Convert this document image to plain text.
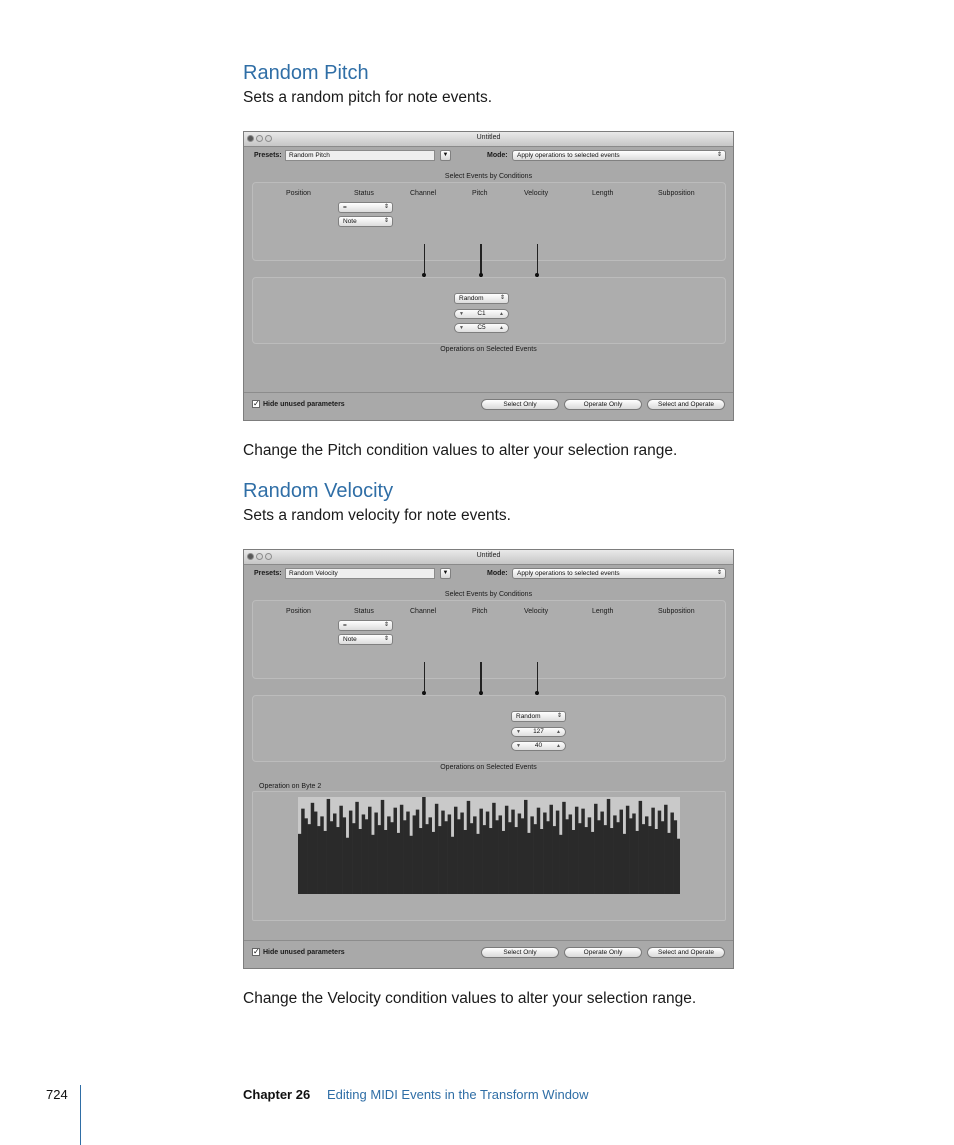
Random Pitch
Sets a random pitch for note events.
Untitled
Presets:	Random Pitch	▼	Mode:	Apply operations to selected events	⇕
Select Events by Conditions
Position	Status	Channel	Pitch	Velocity	Length	Subposition
=	⇕
Note	⇕
Random	⇕
▼ C1	▲
▼ C5	▲
Operations on Selected Events
✓ Hide unused parameters	Select Only	Operate Only	Select and Operate
Change the Pitch condition values to alter your selection range.
Random Velocity
Sets a random velocity for note events.
Untitled
Presets:	Random Velocity	▼	Mode:	Apply operations to selected events	⇕
Select Events by Conditions
Position	Status	Channel	Pitch	Velocity	Length	Subposition
=	⇕
Note	⇕
Random	⇕
▼ 127 ▲
▼ 40	▲
Operations on Selected Events
Operation on Byte 2
✓ Hide unused parameters	Select Only	Operate Only	Select and Operate
Change the Velocity condition values to alter your selection range.
724	Chapter 26 Editing MIDI Events in the Transform Window
